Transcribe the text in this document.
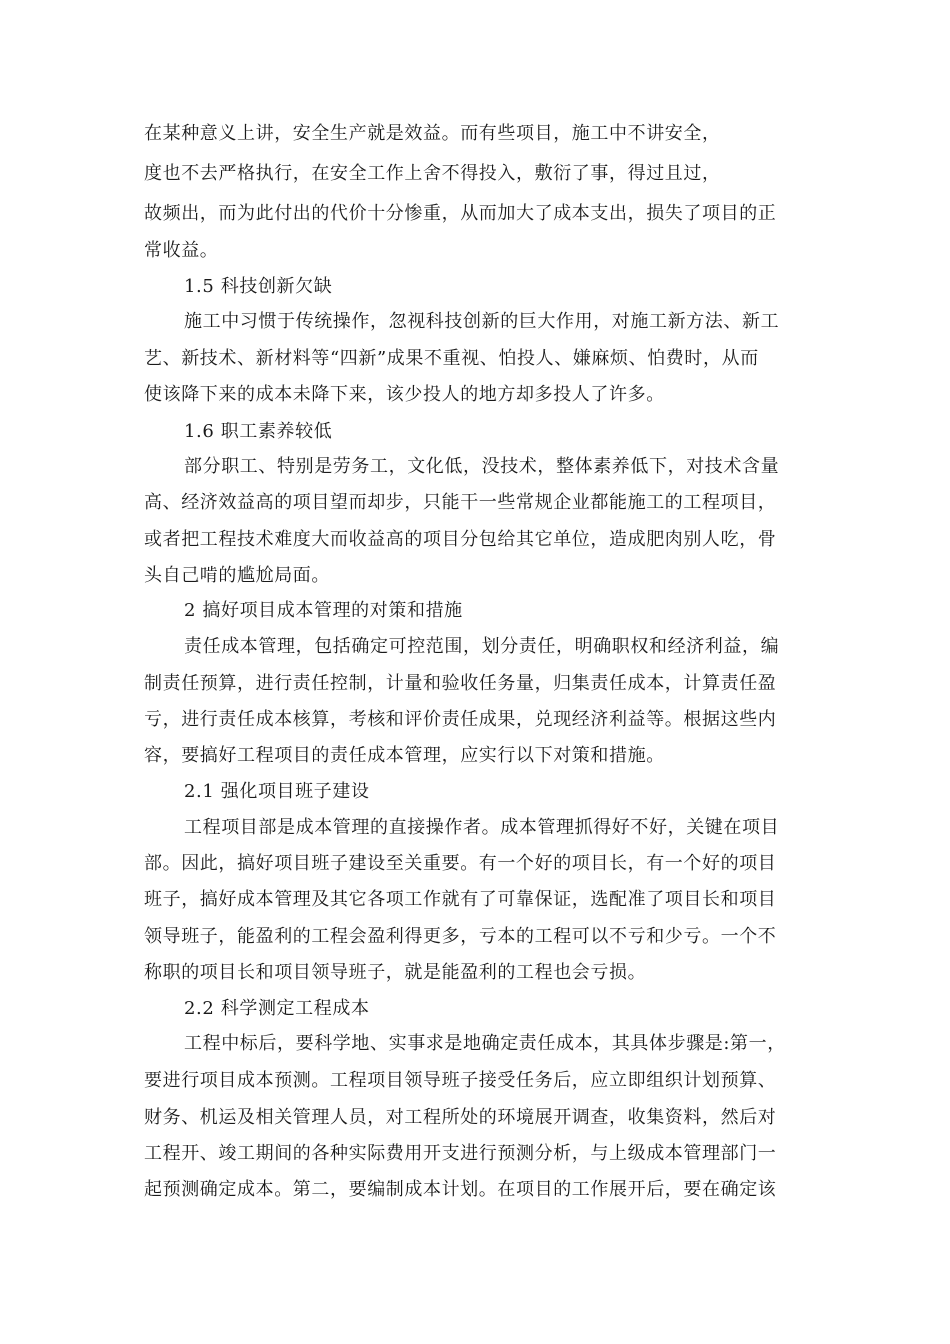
在某种意义上讲，安全生产就是效益。而有些项目，施工中不讲安全，
度也不去严格执行，在安全工作上舍不得投入，敷衍了事，得过且过，
故频出，而为此付出的代价十分惨重，从而加大了成本支出，损失了项目的正
常收益。
1.5 科技创新欠缺
施工中习惯于传统操作，忽视科技创新的巨大作用，对施工新方法、新工
艺、新技术、新材料等“四新”成果不重视、怕投人、嫌麻烦、怕费时，从而
使该降下来的成本未降下来，该少投人的地方却多投人了许多。
1.6 职工素养较低
部分职工、特别是劳务工，文化低，没技术，整体素养低下，对技术含量
高、经济效益高的项目望而却步，只能干一些常规企业都能施工的工程项目，
或者把工程技术难度大而收益高的项目分包给其它单位，造成肥肉别人吃，骨
头自己啃的尴尬局面。
2 搞好项目成本管理的对策和措施
责任成本管理，包括确定可控范围，划分责任，明确职权和经济利益，编
制责任预算，进行责任控制，计量和验收任务量，归集责任成本，计算责任盈
亏，进行责任成本核算，考核和评价责任成果，兑现经济利益等。根据这些内
容，要搞好工程项目的责任成本管理，应实行以下对策和措施。
2.1 强化项目班子建设
工程项目部是成本管理的直接操作者。成本管理抓得好不好，关键在项目
部。因此，搞好项目班子建设至关重要。有一个好的项目长，有一个好的项目
班子，搞好成本管理及其它各项工作就有了可靠保证，选配准了项目长和项目
领导班子，能盈利的工程会盈利得更多，亏本的工程可以不亏和少亏。一个不
称职的项目长和项目领导班子，就是能盈利的工程也会亏损。
2.2 科学测定工程成本
工程中标后，要科学地、实事求是地确定责任成本，其具体步骤是:第一，
要进行项目成本预测。工程项目领导班子接受任务后，应立即组织计划预算、
财务、机运及相关管理人员，对工程所处的环境展开调查，收集资料，然后对
工程开、竣工期间的各种实际费用开支进行预测分析，与上级成本管理部门一
起预测确定成本。第二，要编制成本计划。在项目的工作展开后，要在确定该
